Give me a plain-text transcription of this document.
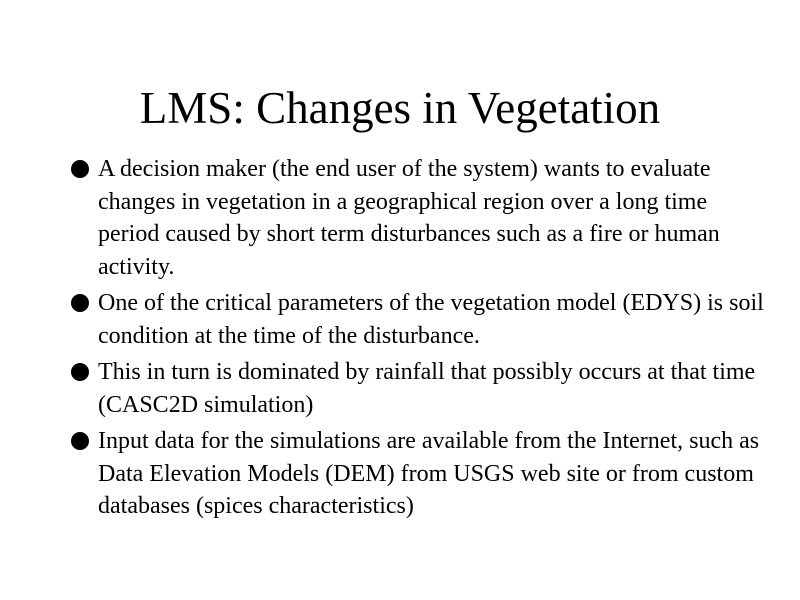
LMS: Changes in Vegetation
A decision maker (the end user of the system) wants to evaluate changes in vegetation in a geographical region over a long time period caused by short term disturbances such as a fire or human activity.
One of the critical parameters of the vegetation model (EDYS) is soil condition at the time of the disturbance.
This in turn is dominated by rainfall that possibly occurs at that time (CASC2D simulation)
Input data for the simulations are available from the Internet, such as Data Elevation Models (DEM) from USGS web site or from custom databases (spices characteristics)
